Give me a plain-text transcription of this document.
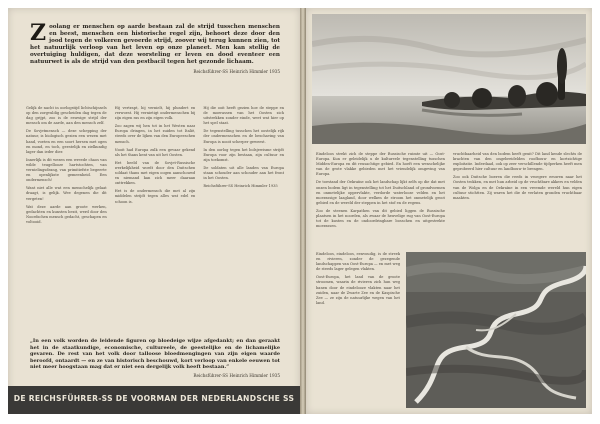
Zoolang er menschen op aarde bestaan zal de strijd tusschen menschen en beest, menschen een historische regel zijn, behoort deze door den jood tegen de volkeren gevoerde strijd, zoover wij terug kunnen zien, tot het natuurlijk verloop van het leven op onze planeet. Men kan stellig de overtuiging huldigen, dat deze worsteling er leven en dood eventeer een natuurwet is als de strijd van den pestbacil tegen het gezonde lichaam.
Reichsführer-SS Heinrich Himmler 1935

Gelijk de nacht in oorlogstijd lichtschijnsels op den zorgvuldig gescheiden dag tegen de dag grijpt, zoo is de eeuwige strijd der mensch om de aarde, aan den mensch zelf.

De Sovjetmensch — deze schepping der natuur, is biologisch gezien een wezen met hand, voeten en een soort hersen met ogen en mond, en toch, geestelijk en zielkundig lager dan ieder dier.

Innerlijk is dit wezen een wreede chaos van wilde teugellooze hartstochten, van vernielingsdrang, van primitiefste begeerte en openlijkste gemeenheid. Een ondermensch!

Want niet alle wat een menschelijk gelaat draagt, is gelijk. Wee degenen die dit vergeten!

Wat deze aarde aan groote werken, gedachten en kunsten bezit, werd door den Noordschen mensch gedacht, geschapen en voltooid.

Hij vertrapt, hij vernielt, hij plundert en verwoest. Hij vernietigt ondermenschen bij zijn eigen ras en zijn eigen volk.

Zoo zagen wij hen tot in het Westen naar Europa dringen, in het zuiden tot Italië, steeds over de lijken van den Europeeschen mensch.

Nooit had Europa zulk een gevaar gekend als het thans kent van uit het Oosten.

Het beeld van de Sovjet-Russische werkelijkheid wordt door den Duitschen soldaat thans met eigen oogen aanschouwd en niemand kan zich meer daaraan onttrekken.

Het is de ondermensch die met al zijn middelen strijdt tegen alles wat edel en schoon is.

Hij die ooit heeft gezien hoe de steppe en de moerassen van het Oosten zich uitstrekken zonder einde, weet wat hier op het spel staat.

De tegenstelling tusschen het oostelijk rijk der ondermenschen en de beschaving van Europa is nooit scherper geweest.

In den oorlog tegen het bolsjewisme strijdt Europa voor zijn bestaan, zijn cultuur en zijn toekomst.

De soldaten uit alle landen van Europa staan schouder aan schouder aan het front in het Oosten.

Reichsführer-SS Heinrich Himmler 1935

„In een volk worden de leidende figuren op bloedeige wijze afgedankt; en dan geraakt het in de staatkundige, economische, cultureele, de geestelijke en de lichamelijke gevaren. De rest van het volk door talloose bloedmengingen van zijn eigen waarde beroofd, ontaardt — en ze van historisch beschouwd, kort verloop van enkele eeuwen tot niet meer hoogstaan mag dat er niet een dergelijk volk heeft bestaan.”
Reichsführer-SS Heinrich Himmler 1935
DE REICHSFÜHRER-SS DE VOORMAN DER NEDERLANDSCHE SS

Eindeloos strekt zich de steppe der Russische ruimte uit — Oost-Europa. Kun er geleidelijk u de kultureele tegenstelling tusschen Midden-Europa en dit reusachtige gebied. En hoeft een wenschelijke van de grote vlakke gebieden met het vriendelijk omgeving van Europa.

De toestand der Oekraïne ook het landschap lijkt zelfs op die dat met onzen bodem ligt in tegenstelling tot het Duitschland of grondvormen en onmetelijke oppervlakte, verdorde waterlooze velden en het moerassige laagland, door welken de stroom het onmetelijk groot gebied en de wereld der steppen in het stof en de regens.

Zoo de steenen Karpathen van dit gebied liggen de Russische plaatsen in het noorden, als zwaar de heuvelige rug van Oost-Europa tot de kusten en de ondoordringbare bosschen en uitgestrekte moerassen.

vruchtbaarheid van den bodem heeft geuit? Dit land kende slechts de krachten van den ongebreidelden roofbouw en kortzichtige exploitatie. Inderdaad, ook op zeer verschillende tijdperken heeft men geprobeerd hier cultuur en landbouw te brengen.

Zoo ook Duitsche boeren die reeds in vroegere eeuwen naar het Oosten trokken, en met hun arbeid op de vruchtbare akkers en velden van de Wolga en de Oekraïne in een vreemde wereld hun eigen cultuur stichtten. Zij waren het die de verlaten gronden vruchtbaar maakten.

Eindeloos, eindeloos, eenvoudig, is de streek en rivieren, zonder de gezegende landschappen van Oost-Europa — en met weg de steeds lager gelegen vlakten.

Oost-Europa, het land van de groote stroomen, waarin de rivieren zich hun weg banen door de eindelooze vlakten naar het zuiden, naar de Zwarte Zee en de Kaspische Zee — ze zijn de natuurlijke wegen van het land.
